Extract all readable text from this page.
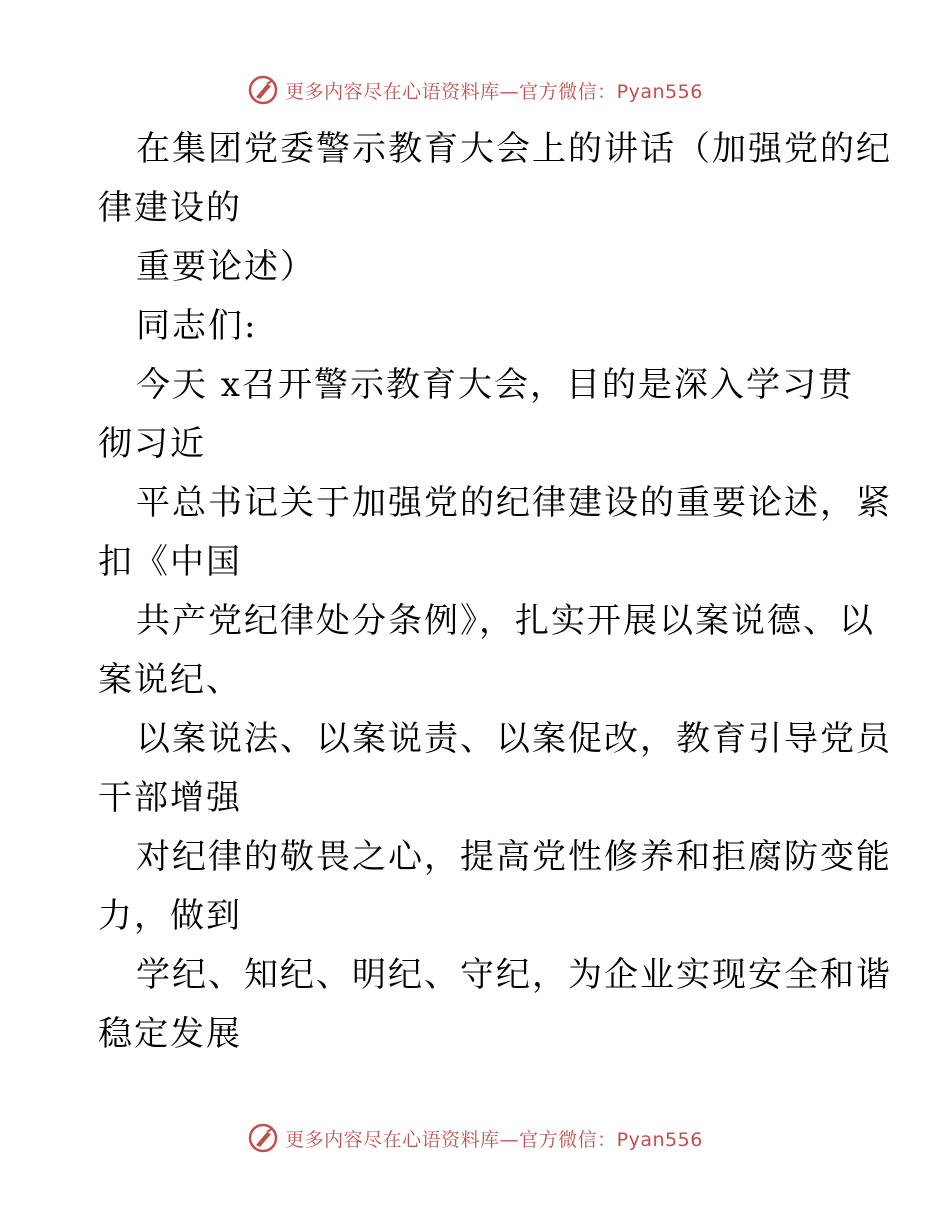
更多内容尽在心语资料库—官方微信：Pyan556

在集团党委警示教育大会上的讲话（加强党的纪
律建设的

重要论述）

同志们:

今天 x召开警示教育大会，目的是深入学习贯
彻习近

平总书记关于加强党的纪律建设的重要论述，紧
扣《中国

共产党纪律处分条例》，扎实开展以案说德、以
案说纪、

以案说法、以案说责、以案促改，教育引导党员
干部增强

对纪律的敬畏之心，提高党性修养和拒腐防变能
力，做到

学纪、知纪、明纪、守纪，为企业实现安全和谐
稳定发展

更多内容尽在心语资料库—官方微信：Pyan556
